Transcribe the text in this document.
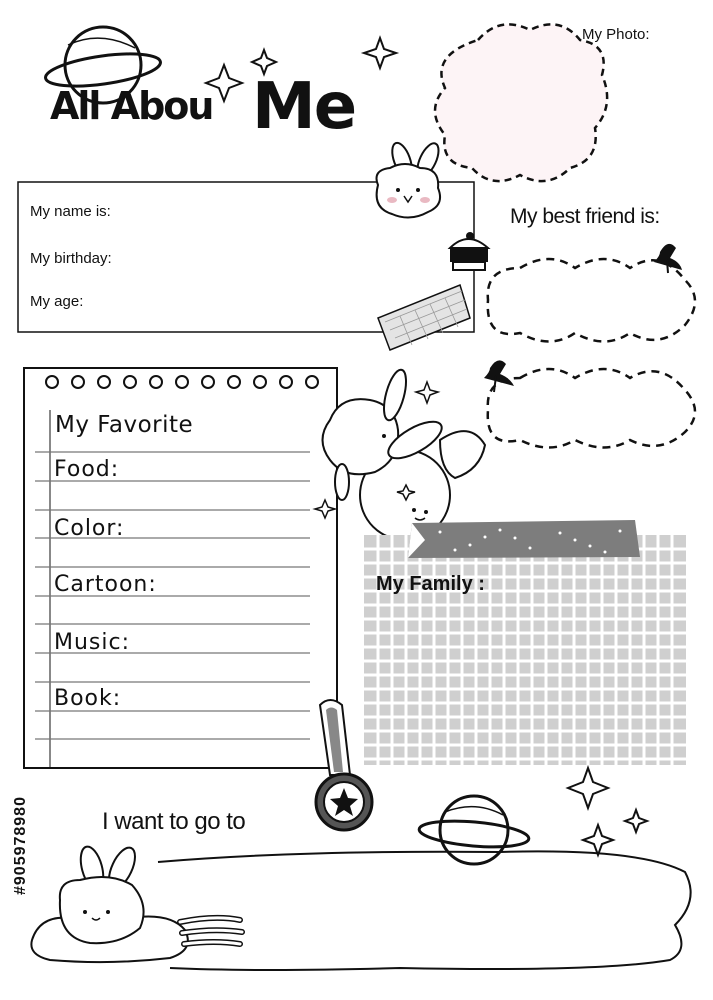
All Abou Me
My Photo:
My name is:
My birthday:
My age:
My best friend is:
My Favorite
Food:
Color:
Cartoon:
Music:
Book:
My Family :
I want to go to
#905978980
